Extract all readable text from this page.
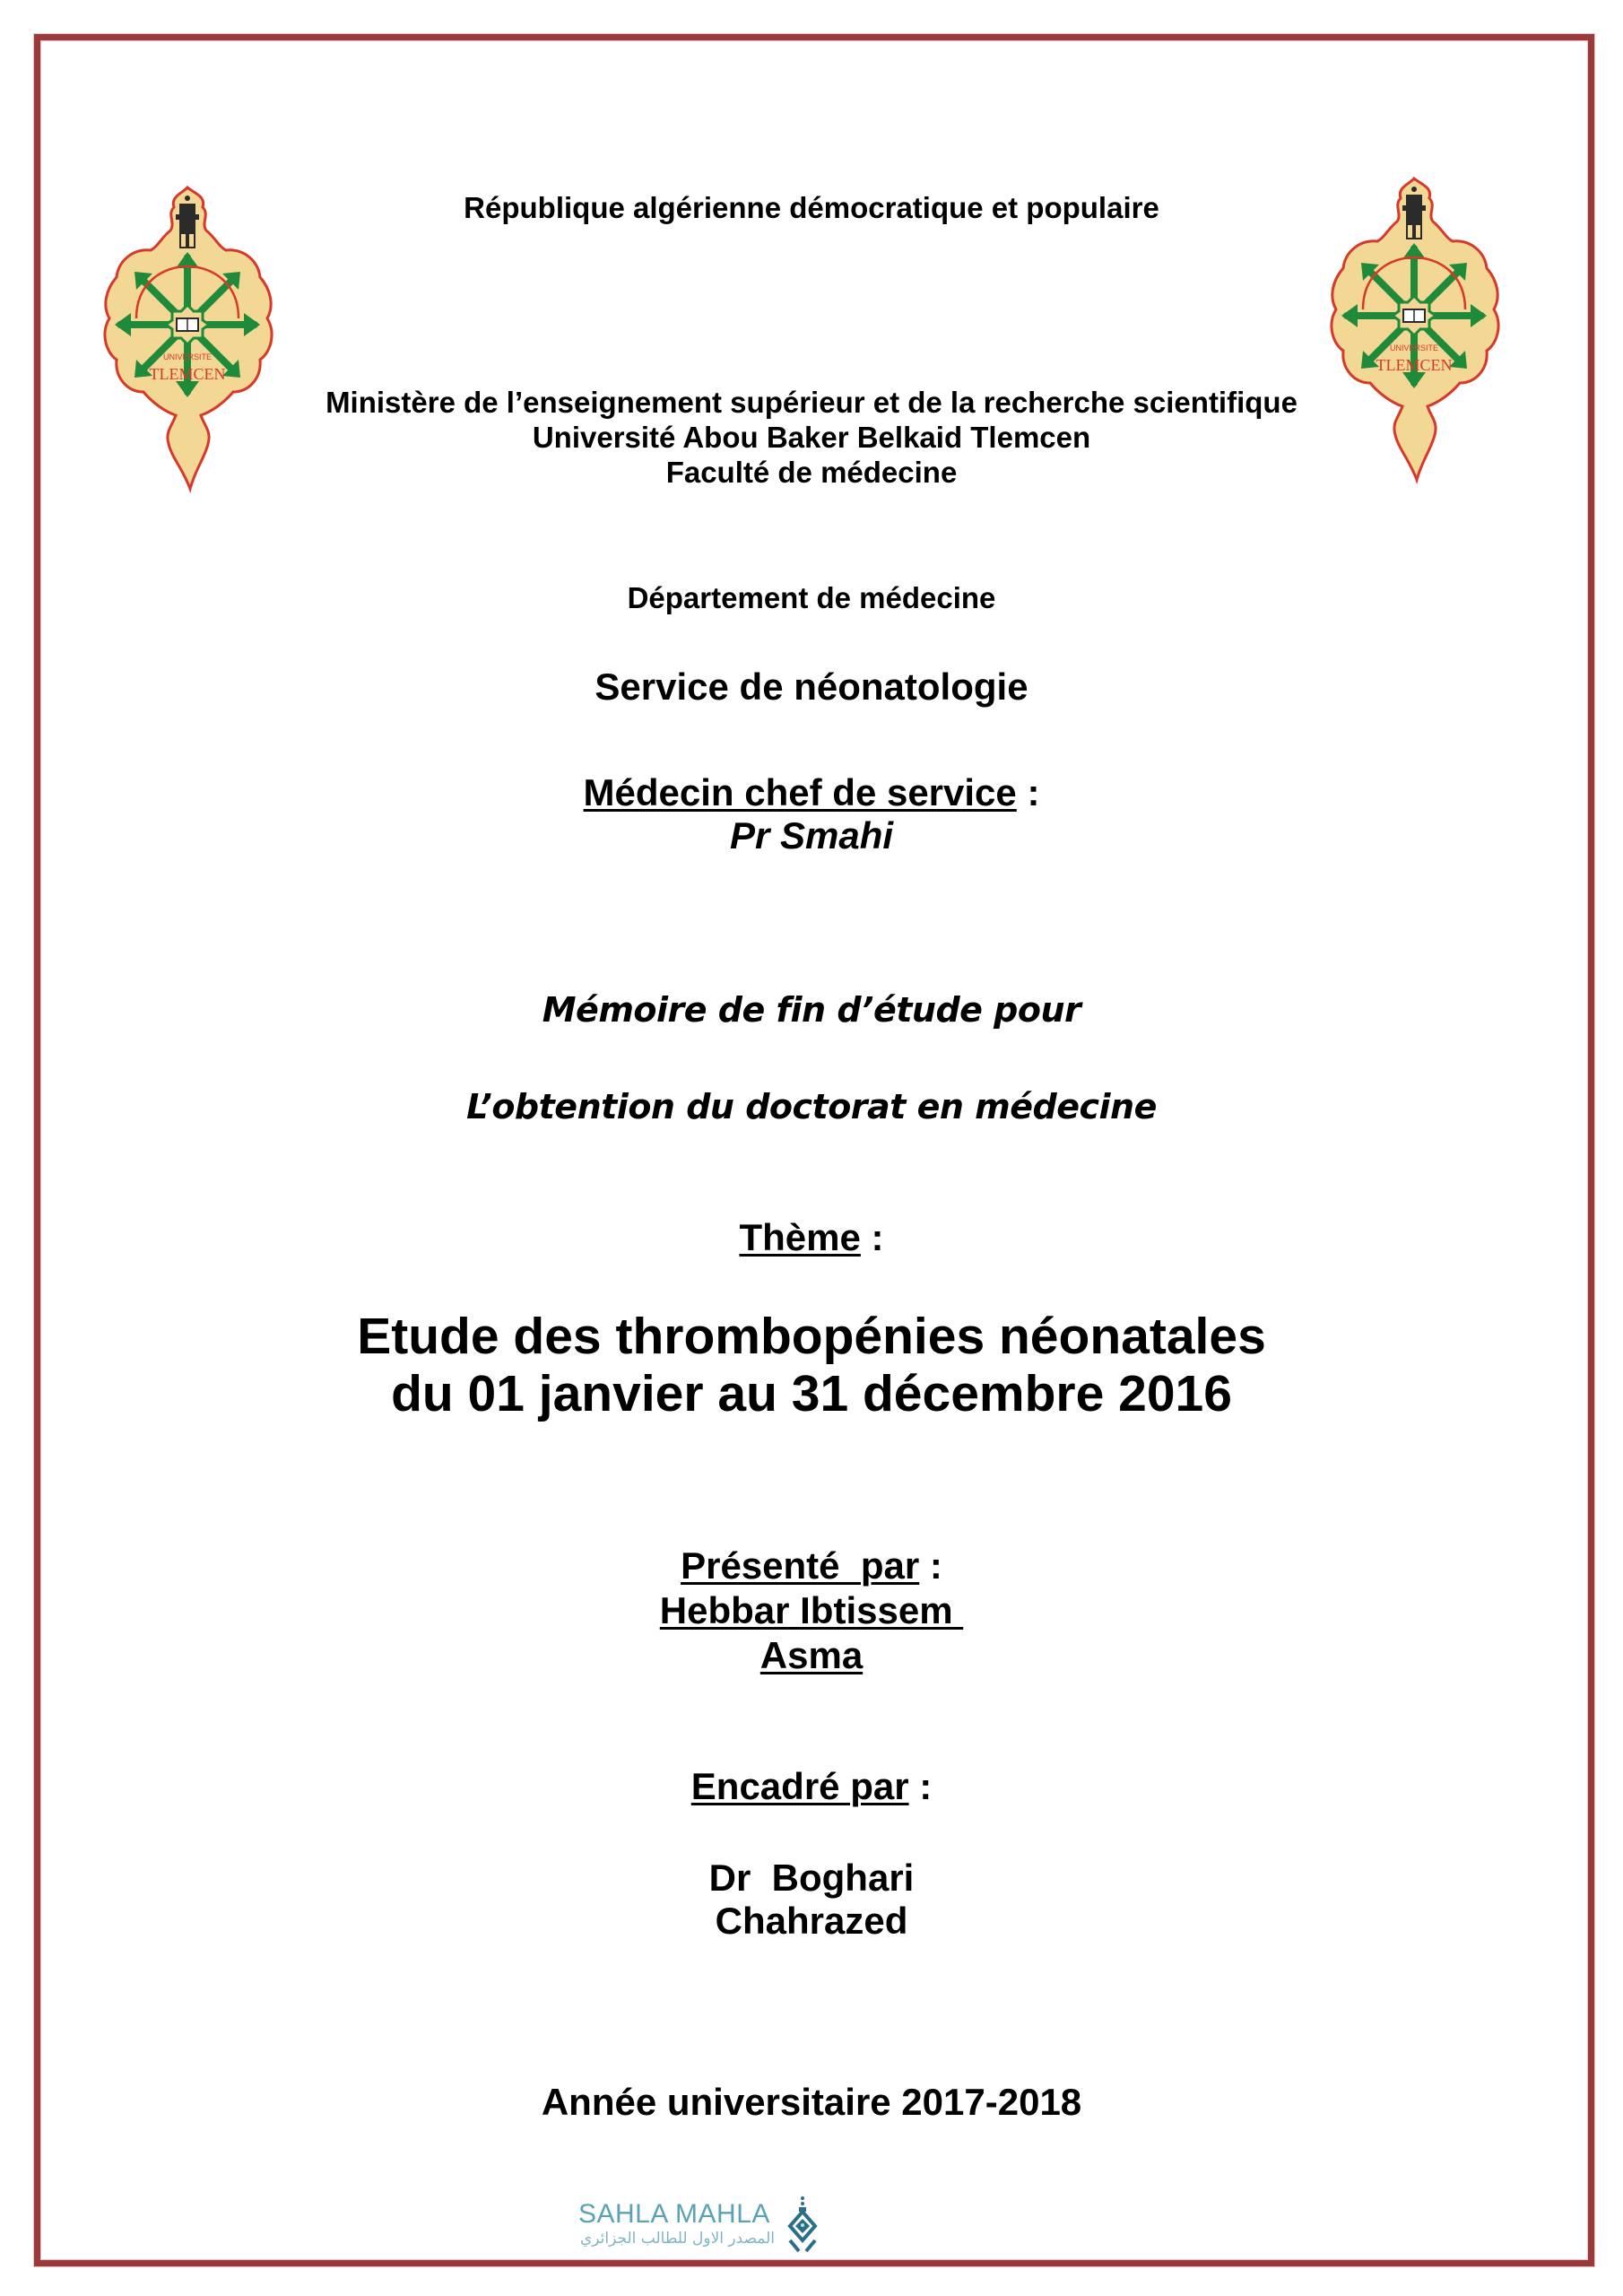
UNIVERSITE
TLEMCEN
UNIVERSITE
TLEMCEN
République algérienne démocratique et populaire
Ministère de l’enseignement supérieur et de la recherche scientifique
Université Abou Baker Belkaid Tlemcen
Faculté de médecine
Département de médecine
Service de néonatologie
Médecin chef de service :
Pr Smahi
Mémoire de fin d’étude pour
L’obtention du doctorat en médecine
Thème :
Etude des thrombopénies néonatales
du 01 janvier au 31 décembre 2016
Présenté  par :
Hebbar Ibtissem
Asma
Encadré par :
Dr  Boghari
Chahrazed
Année universitaire 2017-2018
SAHLA MAHLA
المصدر الاول للطالب الجزائري
